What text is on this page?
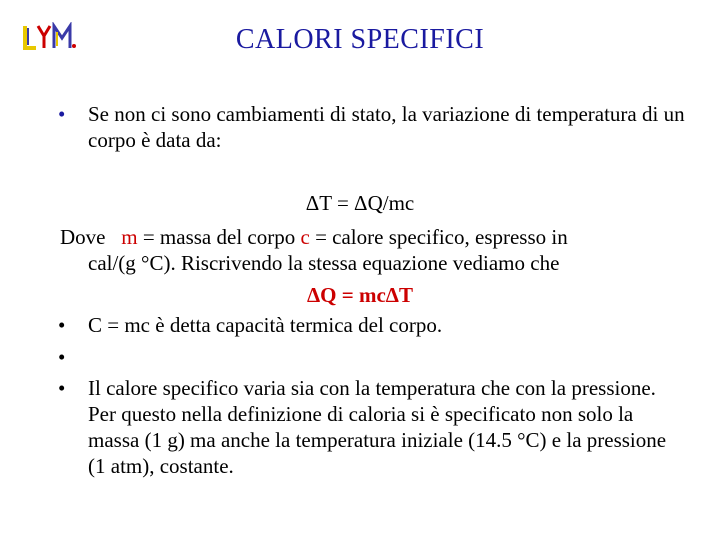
CALORI SPECIFICI
• Se non ci sono cambiamenti di stato, la variazione di temperatura di un corpo è data da:
ΔT = ΔQ/mc
Dove m = massa del corpo c = calore specifico, espresso in
cal/(g °C). Riscrivendo la stessa equazione vediamo che
ΔQ = mcΔT
• C = mc è detta capacità termica del corpo.
•
• Il calore specifico varia sia con la temperatura che con la pressione. Per questo nella definizione di caloria si è specificato non solo la massa (1 g) ma anche la temperatura iniziale (14.5 °C) e la pressione (1 atm), costante.
